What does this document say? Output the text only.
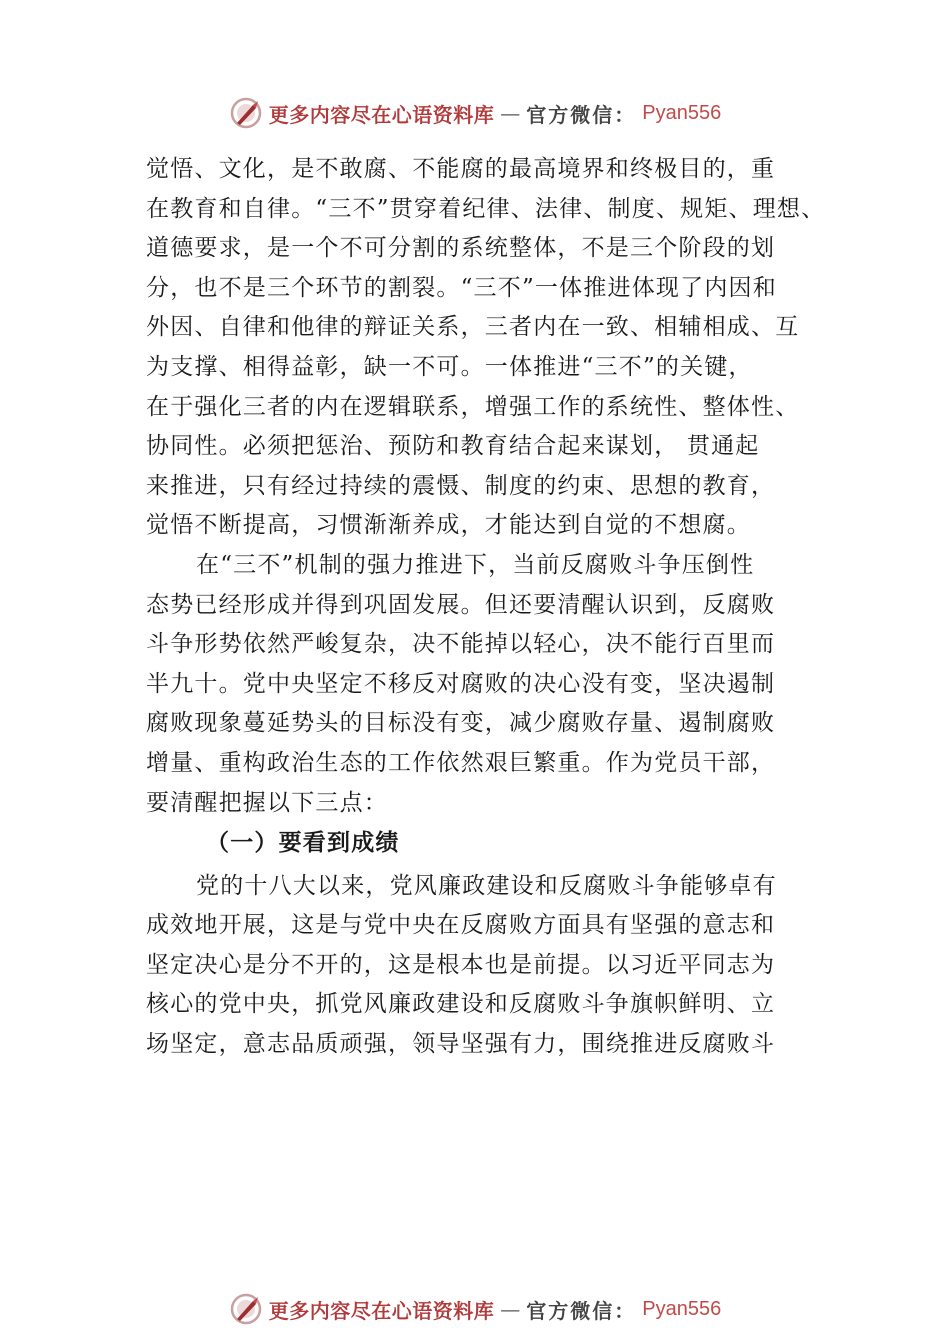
更多内容尽在心语资料库 — 官方微信： Pyan556
觉悟、文化，是不敢腐、不能腐的最高境界和终极目的，重
在教育和自律。“三不”贯穿着纪律、法律、制度、规矩、理想、
道德要求，是一个不可分割的系统整体，不是三个阶段的划
分，也不是三个环节的割裂。“三不”一体推进体现了内因和
外因、自律和他律的辩证关系，三者内在一致、相辅相成、互
为支撑、相得益彰，缺一不可。一体推进“三不”的关键，
在于强化三者的内在逻辑联系，增强工作的系统性、整体性、
协同性。必须把惩治、预防和教育结合起来谋划， 贯通起
来推进，只有经过持续的震慑、制度的约束、思想的教育，
觉悟不断提高，习惯渐渐养成，才能达到自觉的不想腐。
在“三不”机制的强力推进下，当前反腐败斗争压倒性
态势已经形成并得到巩固发展。但还要清醒认识到，反腐败
斗争形势依然严峻复杂，决不能掉以轻心，决不能行百里而
半九十。党中央坚定不移反对腐败的决心没有变，坚决遏制
腐败现象蔓延势头的目标没有变，减少腐败存量、遏制腐败
增量、重构政治生态的工作依然艰巨繁重。作为党员干部，
要清醒把握以下三点：
（一）要看到成绩
党的十八大以来，党风廉政建设和反腐败斗争能够卓有
成效地开展，这是与党中央在反腐败方面具有坚强的意志和
坚定决心是分不开的，这是根本也是前提。以习近平同志为
核心的党中央，抓党风廉政建设和反腐败斗争旗帜鲜明、立
场坚定，意志品质顽强，领导坚强有力，围绕推进反腐败斗
更多内容尽在心语资料库 — 官方微信： Pyan556
